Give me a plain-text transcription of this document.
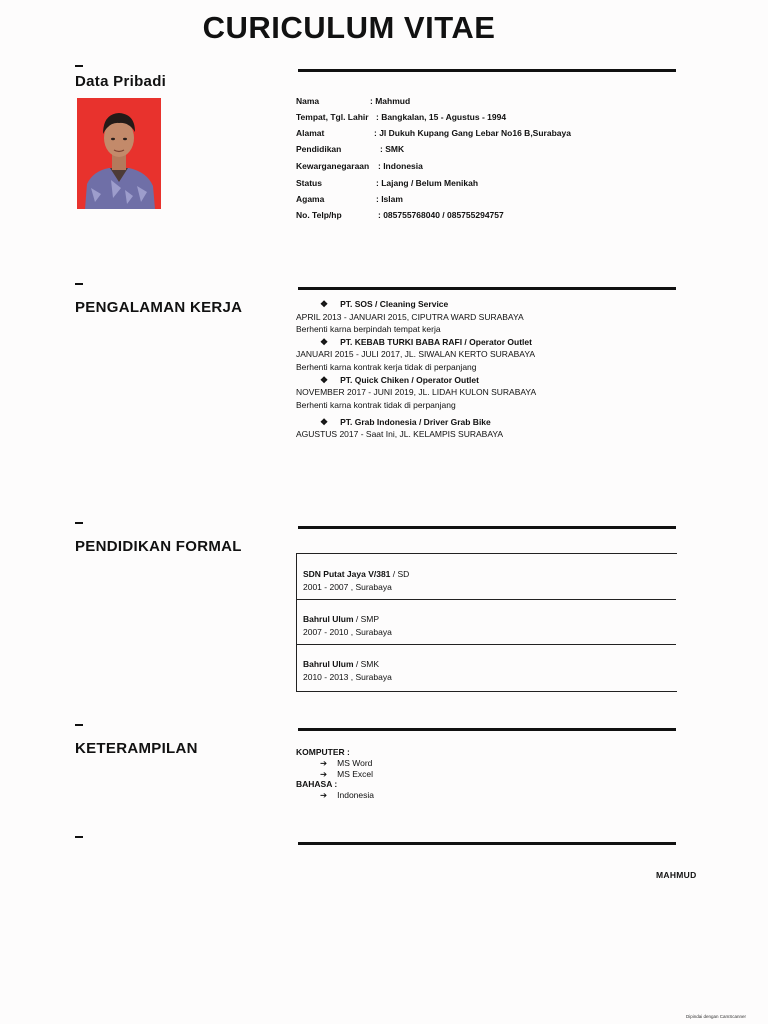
CURICULUM VITAE
Data Pribadi
Nama	: Mahmud
Tempat, Tgl. Lahir : Bangkalan, 15 - Agustus - 1994
Alamat	: Jl Dukuh Kupang Gang Lebar No16 B,Surabaya
Pendidikan	: SMK
Kewarganegaraan : Indonesia
Status	: Lajang / Belum Menikah
Agama	: Islam
No. Telp/hp	: 085755768040 / 085755294757
PENGALAMAN KERJA	❖ PT. SOS / Cleaning Service
APRIL 2013 - JANUARI 2015, CIPUTRA WARD SURABAYA
Berhenti karna berpindah tempat kerja
❖ PT. KEBAB TURKI BABA RAFI / Operator Outlet
JANUARI 2015 - JULI 2017, JL. SIWALAN KERTO SURABAYA
Berhenti karna kontrak kerja tidak di perpanjang
❖ PT. Quick Chiken / Operator Outlet
NOVEMBER 2017 - JUNI 2019, JL. LIDAH KULON SURABAYA
Berhenti karna kontrak tidak di perpanjang
❖ PT. Grab Indonesia / Driver Grab Bike
AGUSTUS 2017 - Saat Ini, JL. KELAMPIS SURABAYA
PENDIDIKAN FORMAL
SDN Putat Jaya V/381 / SD
2001 - 2007 , Surabaya
Bahrul Ulum / SMP
2007 - 2010 , Surabaya
Bahrul Ulum / SMK
2010 - 2013 , Surabaya
KETERAMPILAN	KOMPUTER :
➔ MS Word
➔ MS Excel
BAHASA :
➔ Indonesia
MAHMUD
Dipindai dengan CamScanner
